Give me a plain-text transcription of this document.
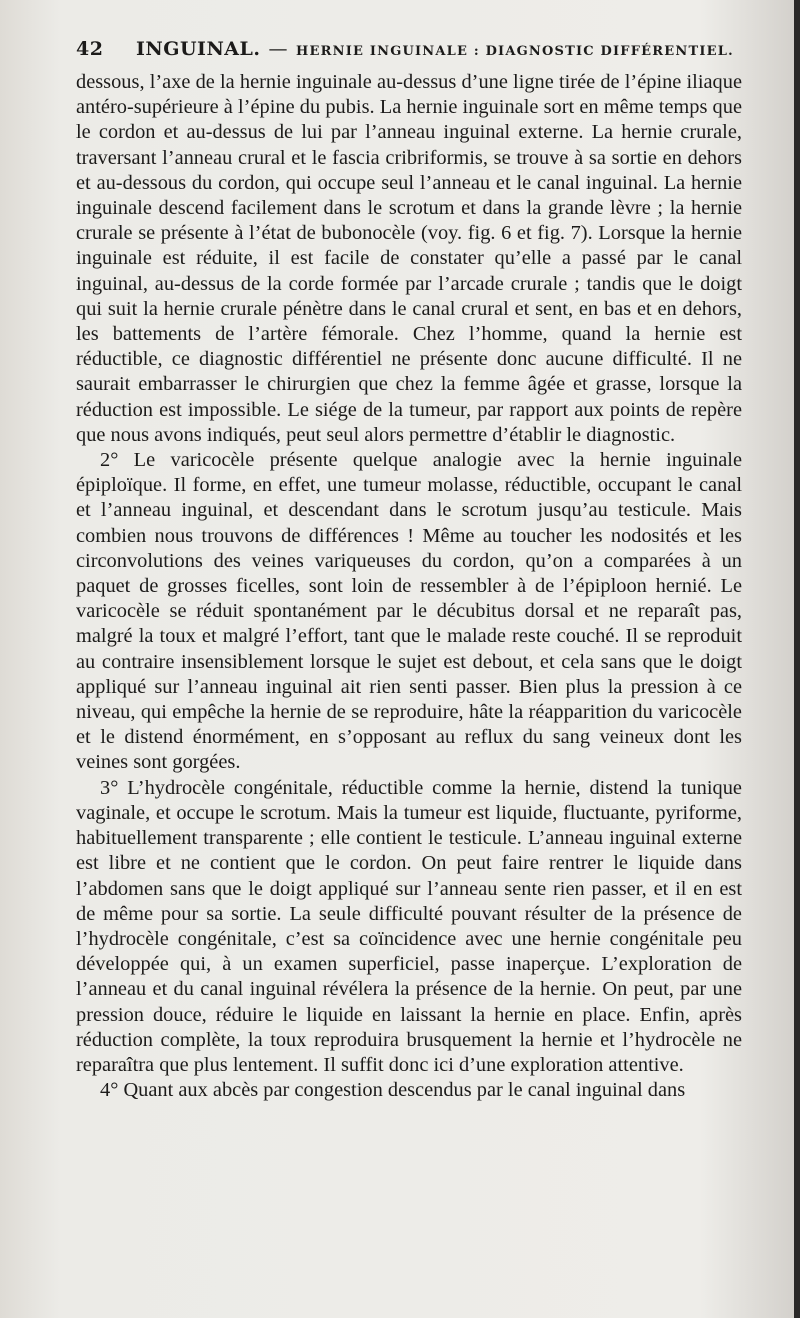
42	INGUINAL. — HERNIE INGUINALE : DIAGNOSTIC DIFFÉRENTIEL.

dessous, l’axe de la hernie inguinale au-dessus d’une ligne tirée de l’épine iliaque antéro-supérieure à l’épine du pubis. La hernie inguinale sort en même temps que le cordon et au-dessus de lui par l’anneau inguinal externe. La hernie crurale, traversant l’anneau crural et le fascia cribriformis, se trouve à sa sortie en dehors et au-dessous du cordon, qui occupe seul l’anneau et le canal inguinal. La hernie inguinale descend facilement dans le scrotum et dans la grande lèvre ; la hernie crurale se présente à l’état de bubonocèle (voy. fig. 6 et fig. 7). Lorsque la hernie inguinale est réduite, il est facile de constater qu’elle a passé par le canal inguinal, au-dessus de la corde formée par l’arcade crurale ; tandis que le doigt qui suit la hernie crurale pénètre dans le canal crural et sent, en bas et en dehors, les battements de l’artère fémorale. Chez l’homme, quand la hernie est réductible, ce diagnostic différentiel ne présente donc aucune difficulté. Il ne saurait embarrasser le chirurgien que chez la femme âgée et grasse, lorsque la réduction est impossible. Le siége de la tumeur, par rapport aux points de repère que nous avons indiqués, peut seul alors permettre d’établir le diagnostic.

2° Le varicocèle présente quelque analogie avec la hernie inguinale épiploïque. Il forme, en effet, une tumeur molasse, réductible, occupant le canal et l’anneau inguinal, et descendant dans le scrotum jusqu’au testicule. Mais combien nous trouvons de différences ! Même au toucher les nodosités et les circonvolutions des veines variqueuses du cordon, qu’on a comparées à un paquet de grosses ficelles, sont loin de ressembler à de l’épiploon hernié. Le varicocèle se réduit spontanément par le décubitus dorsal et ne reparaît pas, malgré la toux et malgré l’effort, tant que le malade reste couché. Il se reproduit au contraire insensiblement lorsque le sujet est debout, et cela sans que le doigt appliqué sur l’anneau inguinal ait rien senti passer. Bien plus la pression à ce niveau, qui empêche la hernie de se reproduire, hâte la réapparition du varicocèle et le distend énormément, en s’opposant au reflux du sang veineux dont les veines sont gorgées.

3° L’hydrocèle congénitale, réductible comme la hernie, distend la tunique vaginale, et occupe le scrotum. Mais la tumeur est liquide, fluctuante, pyriforme, habituellement transparente ; elle contient le testicule. L’anneau inguinal externe est libre et ne contient que le cordon. On peut faire rentrer le liquide dans l’abdomen sans que le doigt appliqué sur l’anneau sente rien passer, et il en est de même pour sa sortie. La seule difficulté pouvant résulter de la présence de l’hydrocèle congénitale, c’est sa coïncidence avec une hernie congénitale peu développée qui, à un examen superficiel, passe inaperçue. L’exploration de l’anneau et du canal inguinal révélera la présence de la hernie. On peut, par une pression douce, réduire le liquide en laissant la hernie en place. Enfin, après réduction complète, la toux reproduira brusquement la hernie et l’hydrocèle ne reparaîtra que plus lentement. Il suffit donc ici d’une exploration attentive.

4° Quant aux abcès par congestion descendus par le canal inguinal dans
